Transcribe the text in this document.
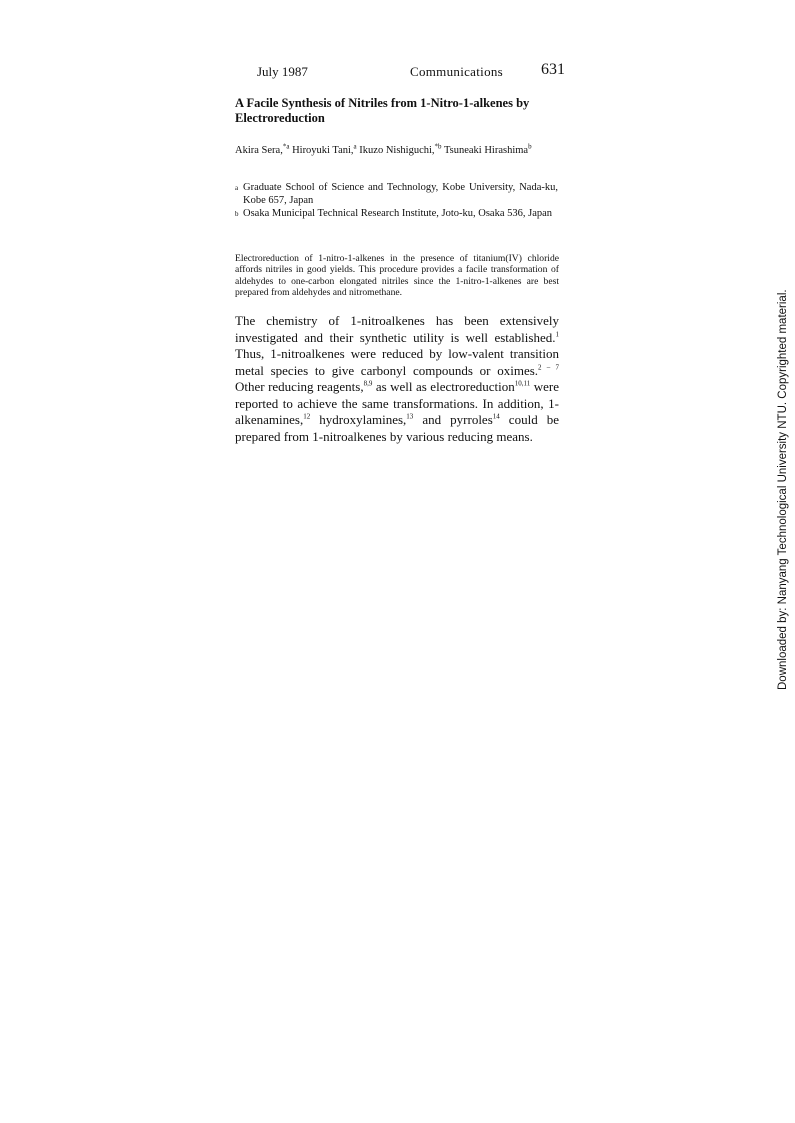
July 1987	Communications 631
A Facile Synthesis of Nitriles from 1-Nitro-1-alkenes by Electroreduction

Akira Sera,$^{*a}$ Hiroyuki Tani,$^a$ Ikuzo Nishiguchi,$^{*b}$ Tsuneaki Hirashima$^b$

a Graduate School of Science and Technology, Kobe University, Nada-ku, Kobe 657, Japan
b Osaka Municipal Technical Research Institute, Joto-ku, Osaka 536, Japan

Electroreduction of 1-nitro-1-alkenes in the presence of titanium(IV) chloride affords nitriles in good yields. This procedure provides a facile transformation of aldehydes to one-carbon elongated nitriles since the 1-nitro-1-alkenes are best prepared from aldehydes and nitromethane.

The chemistry of 1-nitroalkenes has been extensively investigated and their synthetic utility is well established.$^1$ Thus, 1-nitroalkenes were reduced by low-valent transition metal species to give carbonyl compounds or oximes.$^{2 - 7}$ Other reducing reagents,$^{8,9}$ as well as electroreduction$^{10,11}$ were reported to achieve the same transformations. In addition, 1-alkenamines,$^{12}$ hydroxylamines,$^{13}$ and pyrroles$^{14}$ could be prepared from 1-nitroalkenes by various reducing means.	Downloaded by: Nanyang Technological University NTU. Copyrighted material.
